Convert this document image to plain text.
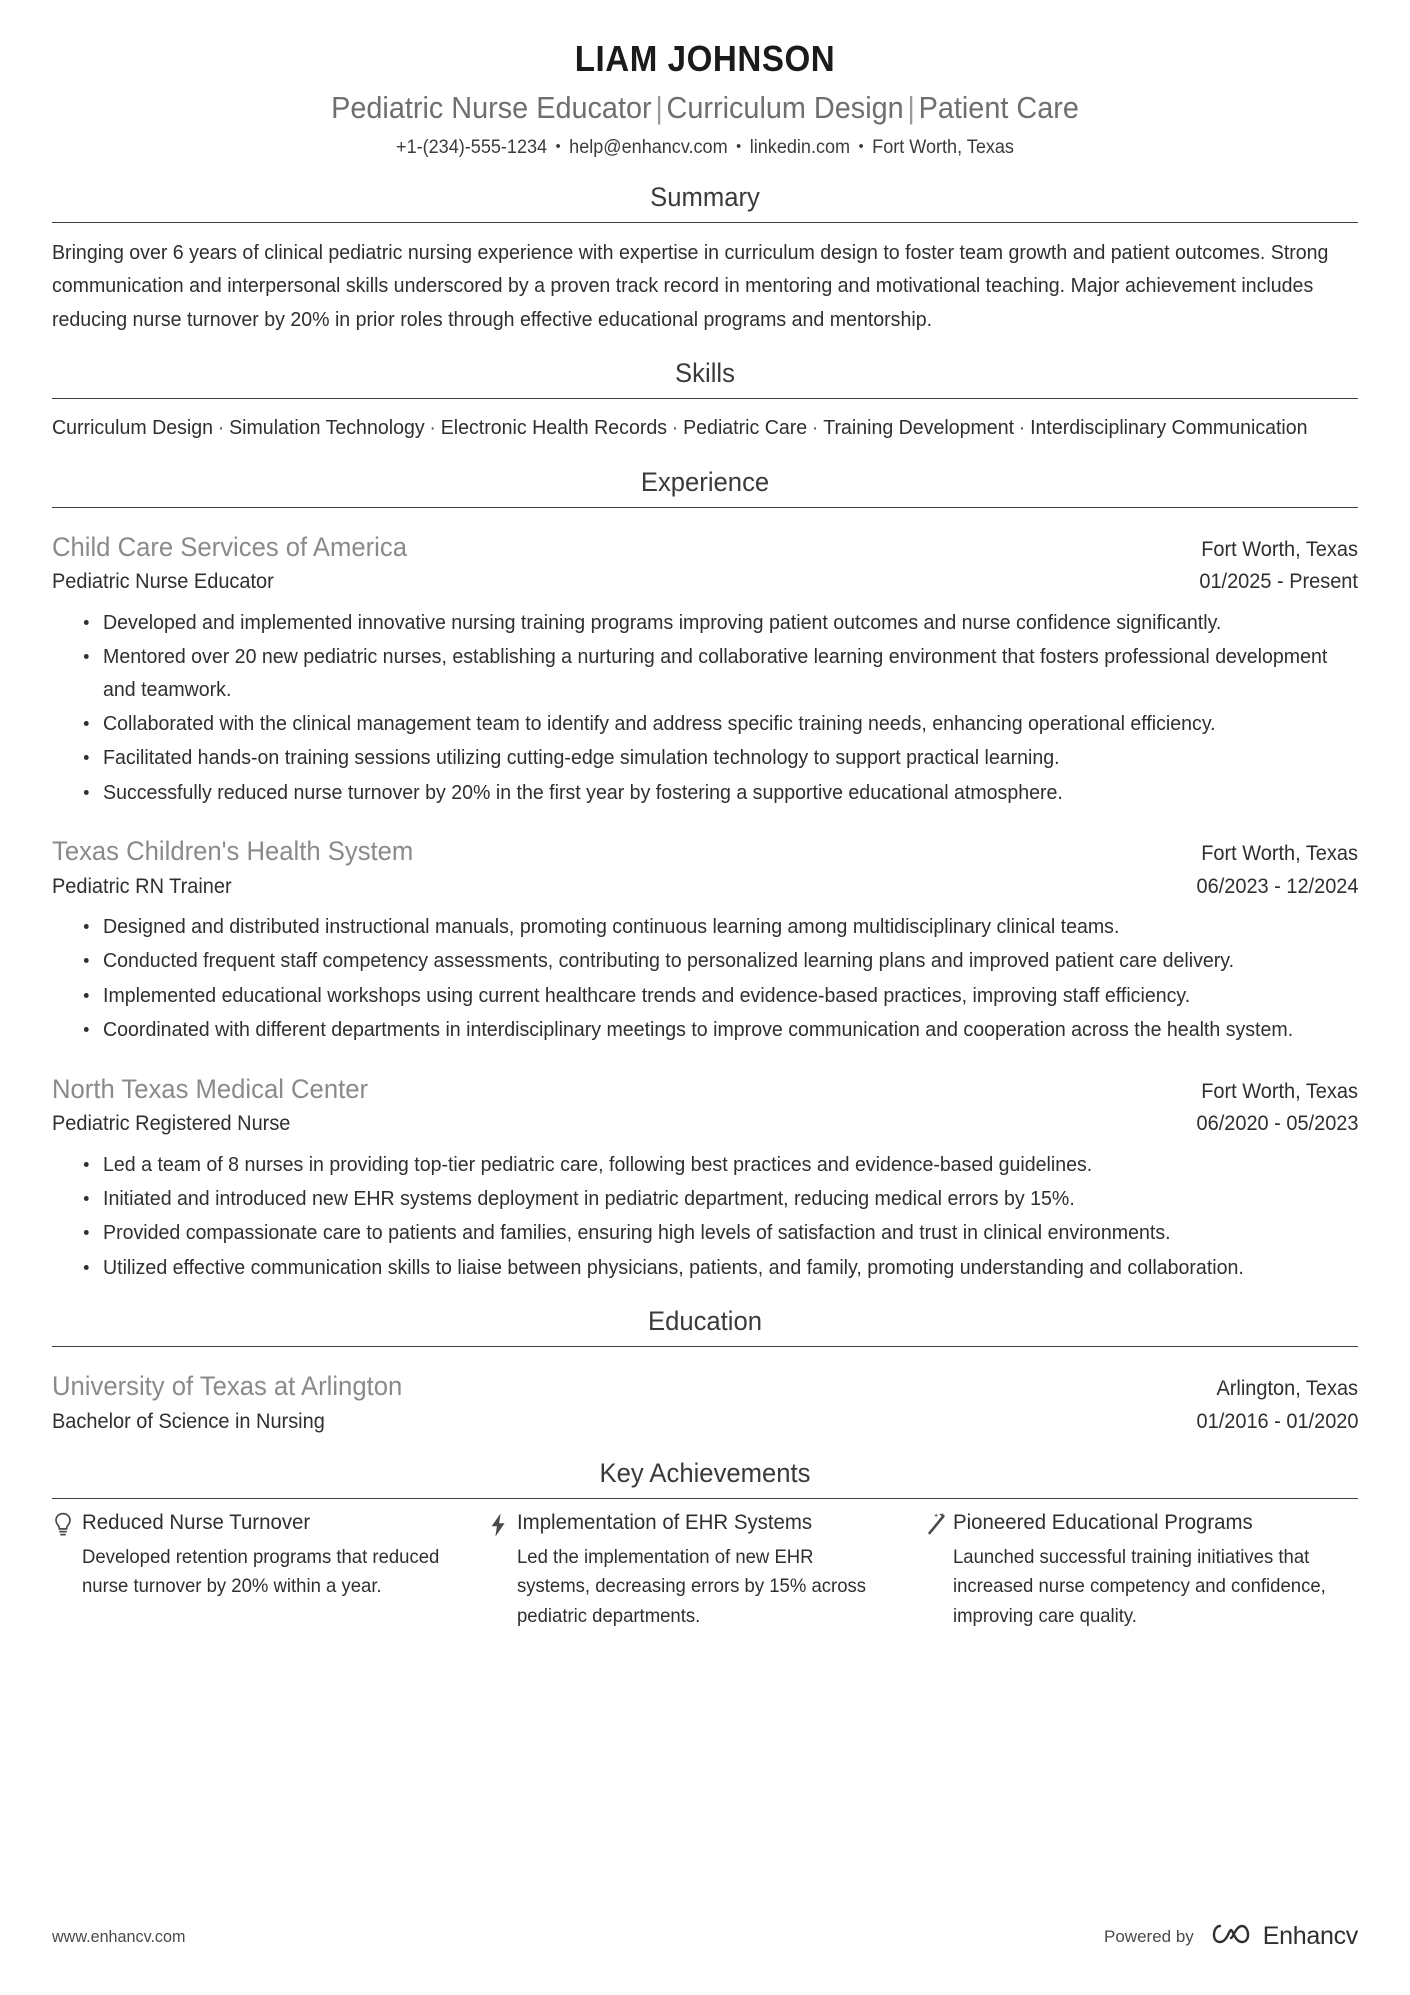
LIAM JOHNSON
Pediatric Nurse Educator | Curriculum Design | Patient Care
+1-(234)-555-1234 • help@enhancv.com • linkedin.com • Fort Worth, Texas
Summary
Bringing over 6 years of clinical pediatric nursing experience with expertise in curriculum design to foster team growth and patient outcomes. Strong communication and interpersonal skills underscored by a proven track record in mentoring and motivational teaching. Major achievement includes reducing nurse turnover by 20% in prior roles through effective educational programs and mentorship.
Skills
Curriculum Design · Simulation Technology · Electronic Health Records · Pediatric Care · Training Development · Interdisciplinary Communication
Experience
Child Care Services of America	Fort Worth, Texas
Pediatric Nurse Educator	01/2025 - Present
Developed and implemented innovative nursing training programs improving patient outcomes and nurse confidence significantly.
Mentored over 20 new pediatric nurses, establishing a nurturing and collaborative learning environment that fosters professional development and teamwork.
Collaborated with the clinical management team to identify and address specific training needs, enhancing operational efficiency.
Facilitated hands-on training sessions utilizing cutting-edge simulation technology to support practical learning.
Successfully reduced nurse turnover by 20% in the first year by fostering a supportive educational atmosphere.
Texas Children's Health System	Fort Worth, Texas
Pediatric RN Trainer	06/2023 - 12/2024
Designed and distributed instructional manuals, promoting continuous learning among multidisciplinary clinical teams.
Conducted frequent staff competency assessments, contributing to personalized learning plans and improved patient care delivery.
Implemented educational workshops using current healthcare trends and evidence-based practices, improving staff efficiency.
Coordinated with different departments in interdisciplinary meetings to improve communication and cooperation across the health system.
North Texas Medical Center	Fort Worth, Texas
Pediatric Registered Nurse	06/2020 - 05/2023
Led a team of 8 nurses in providing top-tier pediatric care, following best practices and evidence-based guidelines.
Initiated and introduced new EHR systems deployment in pediatric department, reducing medical errors by 15%.
Provided compassionate care to patients and families, ensuring high levels of satisfaction and trust in clinical environments.
Utilized effective communication skills to liaise between physicians, patients, and family, promoting understanding and collaboration.
Education
University of Texas at Arlington	Arlington, Texas
Bachelor of Science in Nursing	01/2016 - 01/2020
Key Achievements
Reduced Nurse Turnover
Developed retention programs that reduced nurse turnover by 20% within a year.
Implementation of EHR Systems
Led the implementation of new EHR systems, decreasing errors by 15% across pediatric departments.
Pioneered Educational Programs
Launched successful training initiatives that increased nurse competency and confidence, improving care quality.
www.enhancv.com	Powered by	Enhancv
